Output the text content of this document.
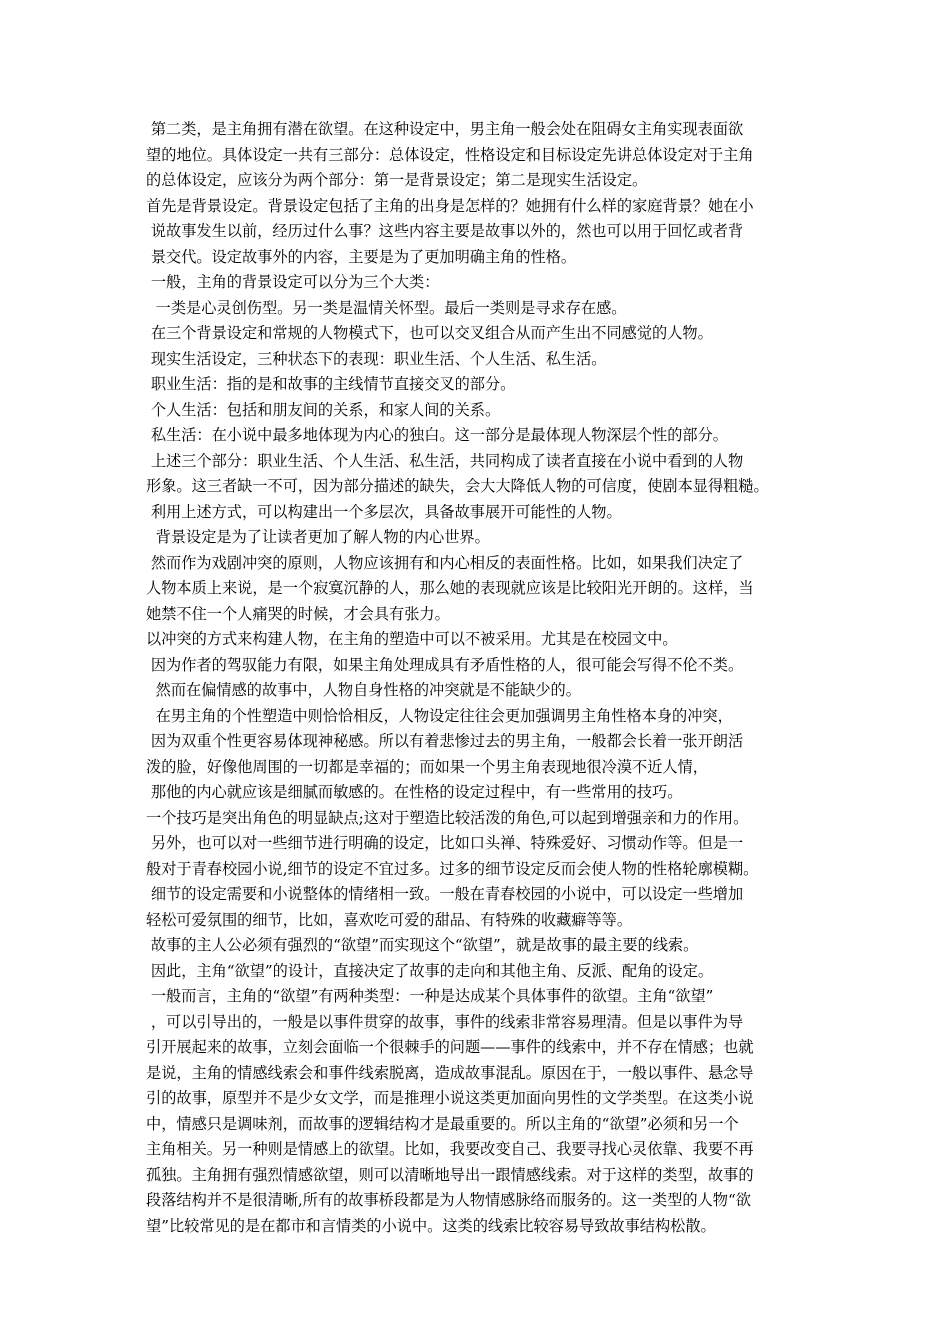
第二类，是主角拥有潜在欲望。在这种设定中，男主角一般会处在阻碍女主角实现表面欲
望的地位。具体设定一共有三部分：总体设定，性格设定和目标设定先讲总体设定对于主角
的总体设定，应该分为两个部分：第一是背景设定；第二是现实生活设定。
首先是背景设定。背景设定包括了主角的出身是怎样的？她拥有什么样的家庭背景？她在小
说故事发生以前，经历过什么事？这些内容主要是故事以外的，然也可以用于回忆或者背
景交代。设定故事外的内容，主要是为了更加明确主角的性格。
一般，主角的背景设定可以分为三个大类：
一类是心灵创伤型。另一类是温情关怀型。最后一类则是寻求存在感。
在三个背景设定和常规的人物模式下，也可以交叉组合从而产生出不同感觉的人物。
现实生活设定，三种状态下的表现：职业生活、个人生活、私生活。
职业生活：指的是和故事的主线情节直接交叉的部分。
个人生活：包括和朋友间的关系，和家人间的关系。
私生活：在小说中最多地体现为内心的独白。这一部分是最体现人物深层个性的部分。
上述三个部分：职业生活、个人生活、私生活，共同构成了读者直接在小说中看到的人物
形象。这三者缺一不可，因为部分描述的缺失，会大大降低人物的可信度，使剧本显得粗糙。
利用上述方式，可以构建出一个多层次，具备故事展开可能性的人物。
背景设定是为了让读者更加了解人物的内心世界。
然而作为戏剧冲突的原则，人物应该拥有和内心相反的表面性格。比如，如果我们决定了
人物本质上来说，是一个寂寞沉静的人，那么她的表现就应该是比较阳光开朗的。这样，当
她禁不住一个人痛哭的时候，才会具有张力。
以冲突的方式来构建人物，在主角的塑造中可以不被采用。尤其是在校园文中。
因为作者的驾驭能力有限，如果主角处理成具有矛盾性格的人，很可能会写得不伦不类。
然而在偏情感的故事中，人物自身性格的冲突就是不能缺少的。
在男主角的个性塑造中则恰恰相反，人物设定往往会更加强调男主角性格本身的冲突，
因为双重个性更容易体现神秘感。所以有着悲惨过去的男主角，一般都会长着一张开朗活
泼的脸，好像他周围的一切都是幸福的；而如果一个男主角表现地很冷漠不近人情，
那他的内心就应该是细腻而敏感的。在性格的设定过程中，有一些常用的技巧。
一个技巧是突出角色的明显缺点;这对于塑造比较活泼的角色,可以起到增强亲和力的作用。
另外，也可以对一些细节进行明确的设定，比如口头禅、特殊爱好、习惯动作等。但是一
般对于青春校园小说,细节的设定不宜过多。过多的细节设定反而会使人物的性格轮廓模糊。
细节的设定需要和小说整体的情绪相一致。一般在青春校园的小说中，可以设定一些增加
轻松可爱氛围的细节，比如，喜欢吃可爱的甜品、有特殊的收藏癖等等。
故事的主人公必须有强烈的“欲望”而实现这个“欲望”，就是故事的最主要的线索。
因此，主角“欲望”的设计，直接决定了故事的走向和其他主角、反派、配角的设定。
一般而言，主角的“欲望”有两种类型：一种是达成某个具体事件的欲望。主角“欲望”
，可以引导出的，一般是以事件贯穿的故事，事件的线索非常容易理清。但是以事件为导
引开展起来的故事，立刻会面临一个很棘手的问题——事件的线索中，并不存在情感；也就
是说，主角的情感线索会和事件线索脱离，造成故事混乱。原因在于，一般以事件、悬念导
引的故事，原型并不是少女文学，而是推理小说这类更加面向男性的文学类型。在这类小说
中，情感只是调味剂，而故事的逻辑结构才是最重要的。所以主角的“欲望”必须和另一个
主角相关。另一种则是情感上的欲望。比如，我要改变自己、我要寻找心灵依靠、我要不再
孤独。主角拥有强烈情感欲望，则可以清晰地导出一跟情感线索。对于这样的类型，故事的
段落结构并不是很清晰,所有的故事桥段都是为人物情感脉络而服务的。这一类型的人物“欲
望”比较常见的是在都市和言情类的小说中。这类的线索比较容易导致故事结构松散。
